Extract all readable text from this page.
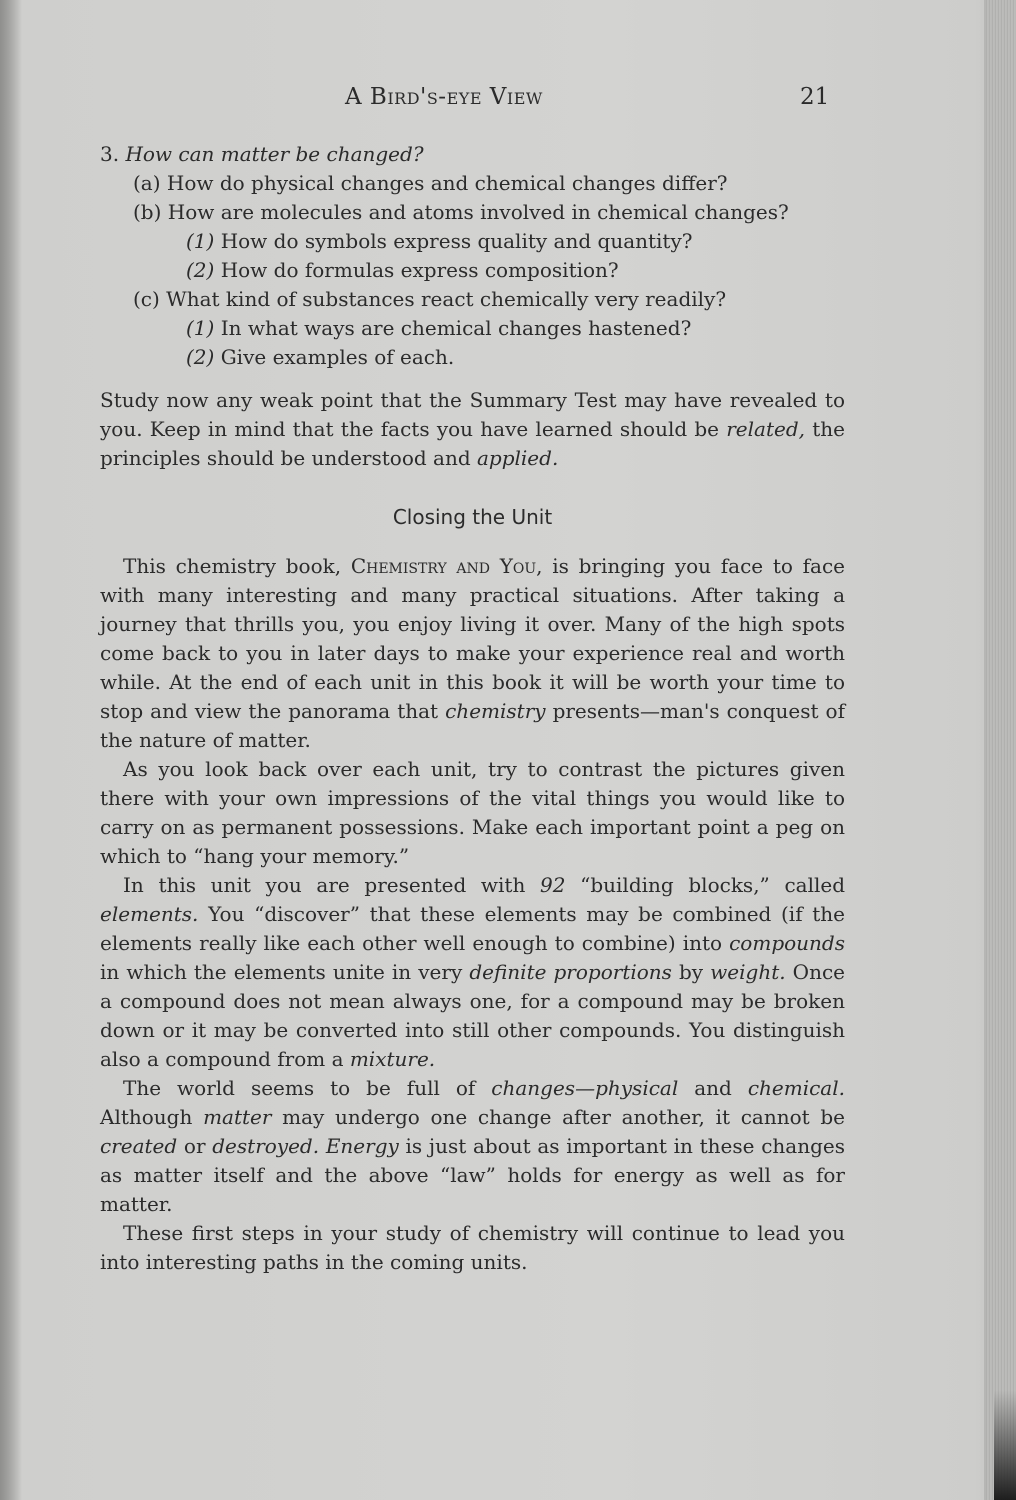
A Bird's-eye View	21
3. How can matter be changed?
(a) How do physical changes and chemical changes differ?
(b) How are molecules and atoms involved in chemical changes?
(1) How do symbols express quality and quantity?
(2) How do formulas express composition?
(c) What kind of substances react chemically very readily?
(1) In what ways are chemical changes hastened?
(2) Give examples of each.

Study now any weak point that the Summary Test may have revealed to you. Keep in mind that the facts you have learned should be related, the principles should be understood and applied.

Closing the Unit

This chemistry book, Chemistry and You, is bringing you face to face with many interesting and many practical situations. After taking a journey that thrills you, you enjoy living it over. Many of the high spots come back to you in later days to make your experience real and worth while. At the end of each unit in this book it will be worth your time to stop and view the panorama that chemistry presents—man's conquest of the nature of matter.

As you look back over each unit, try to contrast the pictures given there with your own impressions of the vital things you would like to carry on as permanent possessions. Make each important point a peg on which to “hang your memory.”

In this unit you are presented with 92 “building blocks,” called elements. You “discover” that these elements may be combined (if the elements really like each other well enough to combine) into compounds in which the elements unite in very definite proportions by weight. Once a compound does not mean always one, for a compound may be broken down or it may be converted into still other compounds. You distinguish also a compound from a mixture.

The world seems to be full of changes—physical and chemical. Although matter may undergo one change after another, it cannot be created or destroyed. Energy is just about as important in these changes as matter itself and the above “law” holds for energy as well as for matter.

These first steps in your study of chemistry will continue to lead you into interesting paths in the coming units.
